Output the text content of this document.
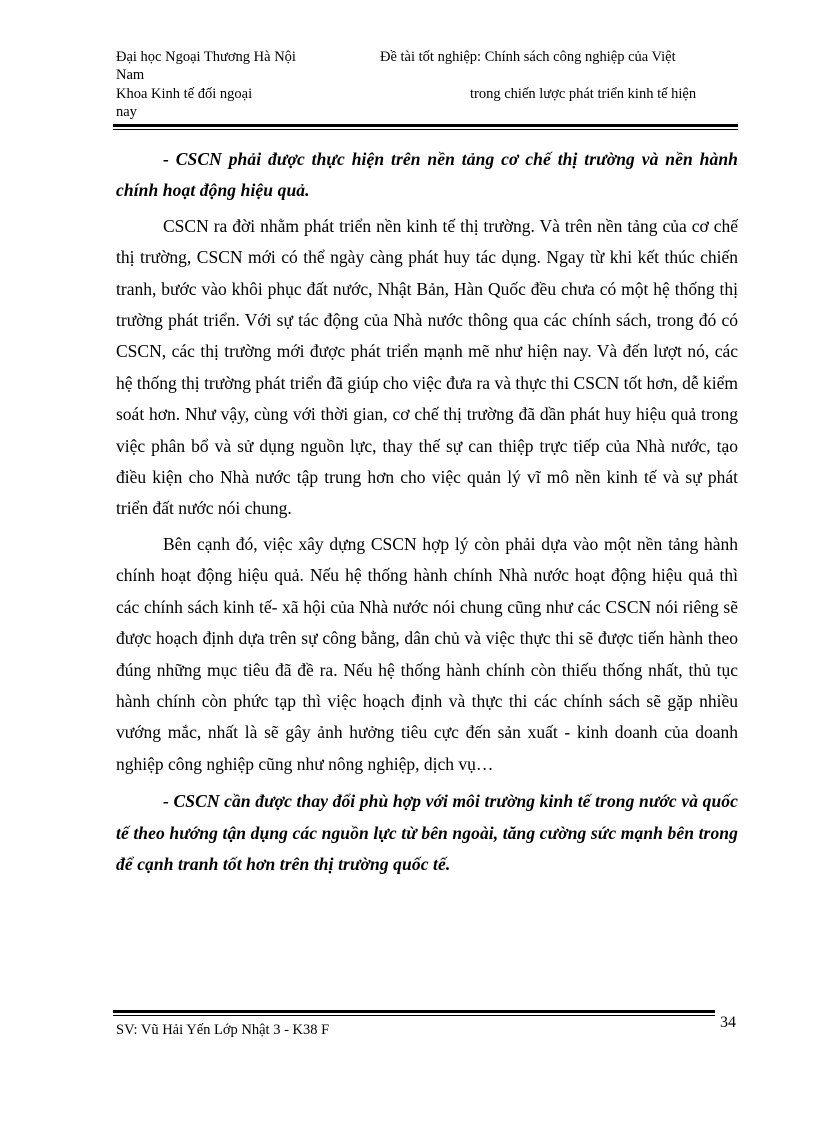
Đại học Ngoại Thương Hà Nội	Đề tài tốt nghiệp: Chính sách công nghiệp của Việt
Nam
Khoa Kinh tế đối ngoại	trong chiến lược phát triển kinh tế hiện
nay

- CSCN phải được thực hiện trên nền tảng cơ chế thị trường và nền hành chính hoạt động hiệu quả.

CSCN ra đời nhằm phát triển nền kinh tế thị trường. Và trên nền tảng của cơ chế thị trường, CSCN mới có thể ngày càng phát huy tác dụng. Ngay từ khi kết thúc chiến tranh, bước vào khôi phục đất nước, Nhật Bản, Hàn Quốc đều chưa có một hệ thống thị trường phát triển. Với sự tác động của Nhà nước thông qua các chính sách, trong đó có CSCN, các thị trường mới được phát triển mạnh mẽ như hiện nay. Và đến lượt nó, các hệ thống thị trường phát triển đã giúp cho việc đưa ra và thực thi CSCN tốt hơn, dễ kiểm soát hơn. Như vậy, cùng với thời gian, cơ chế thị trường đã dần phát huy hiệu quả trong việc phân bổ và sử dụng nguồn lực, thay thế sự can thiệp trực tiếp của Nhà nước, tạo điều kiện cho Nhà nước tập trung hơn cho việc quản lý vĩ mô nền kinh tế và sự phát triển đất nước nói chung.

Bên cạnh đó, việc xây dựng CSCN hợp lý còn phải dựa vào một nền tảng hành chính hoạt động hiệu quả. Nếu hệ thống hành chính Nhà nước hoạt động hiệu quả thì các chính sách kinh tế- xã hội của Nhà nước nói chung cũng như các CSCN nói riêng sẽ được hoạch định dựa trên sự công bằng, dân chủ và việc thực thi sẽ được tiến hành theo đúng những mục tiêu đã đề ra. Nếu hệ thống hành chính còn thiếu thống nhất, thủ tục hành chính còn phức tạp thì việc hoạch định và thực thi các chính sách sẽ gặp nhiều vướng mắc, nhất là sẽ gây ảnh hưởng tiêu cực đến sản xuất - kinh doanh của doanh nghiệp công nghiệp cũng như nông nghiệp, dịch vụ…

- CSCN cần được thay đổi phù hợp với môi trường kinh tế trong nước và quốc tế theo hướng tận dụng các nguồn lực từ bên ngoài, tăng cường sức mạnh bên trong để cạnh tranh tốt hơn trên thị trường quốc tế.

SV: Vũ Hải Yến Lớp Nhật 3 - K38 F	34
